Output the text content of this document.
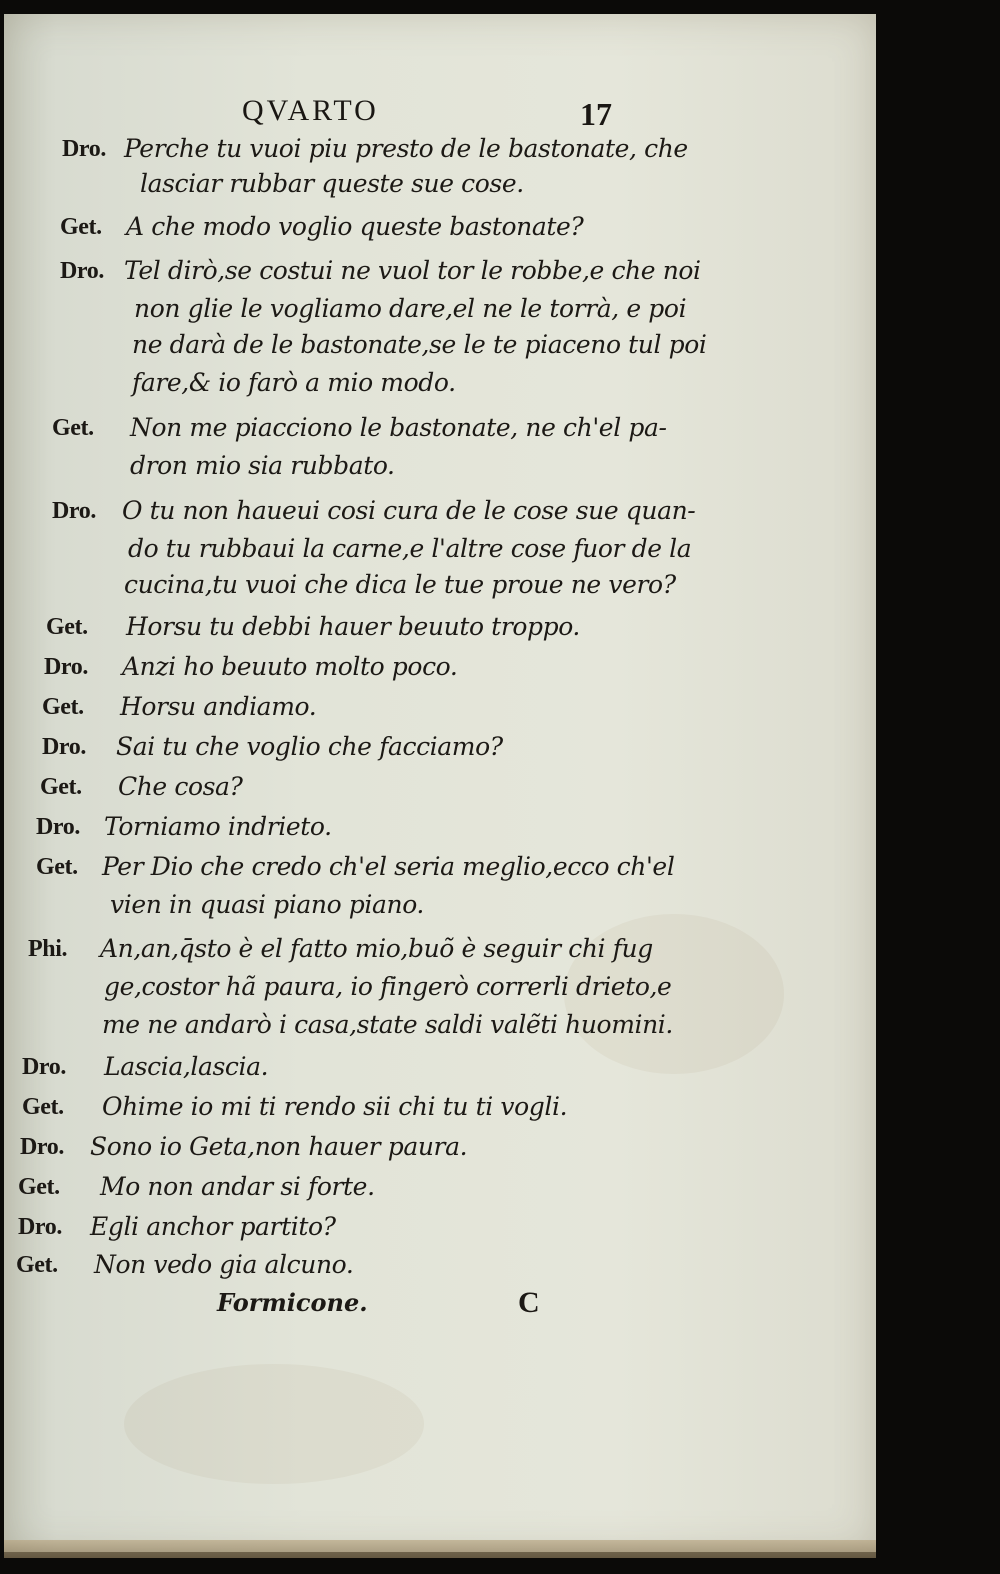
QVARTO	17
Dro. Perche tu vuoi piu presto de le bastonate, che
lasciar rubbar queste sue cose.
Get. A che modo voglio queste bastonate?
Dro. Tel dirò,se costui ne vuol tor le robbe,e che noi
non glie le vogliamo dare,el ne le torrà, e poi
ne darà de le bastonate,se le te piaceno tul poi
fare,& io farò a mio modo.
Get. Non me piacciono le bastonate, ne ch'el pa-
dron mio sia rubbato.
Dro. O tu non haueui cosi cura de le cose sue quan-
do tu rubbaui la carne,e l'altre cose fuor de la
cucina,tu vuoi che dica le tue proue ne vero?
Get. Horsu tu debbi hauer beuuto troppo.
Dro. Anzi ho beuuto molto poco.
Get. Horsu andiamo.
Dro. Sai tu che voglio che facciamo?
Get. Che cosa?
Dro. Torniamo indrieto.
Get. Per Dio che credo ch'el seria meglio,ecco ch'el
vien in quasi piano piano.
Phi. An,an,q̄sto è el fatto mio,buõ è seguir chi fug
ge,costor hã paura, io fingerò correrli drieto,e
me ne andarò i casa,state saldi valẽti huomini.
Dro. Lascia,lascia.
Get. Ohime io mi ti rendo sii chi tu ti vogli.
Dro. Sono io Geta,non hauer paura.
Get. Mo non andar si forte.
Dro. Egli anchor partito?
Get. Non vedo gia alcuno.
Formicone.	C
